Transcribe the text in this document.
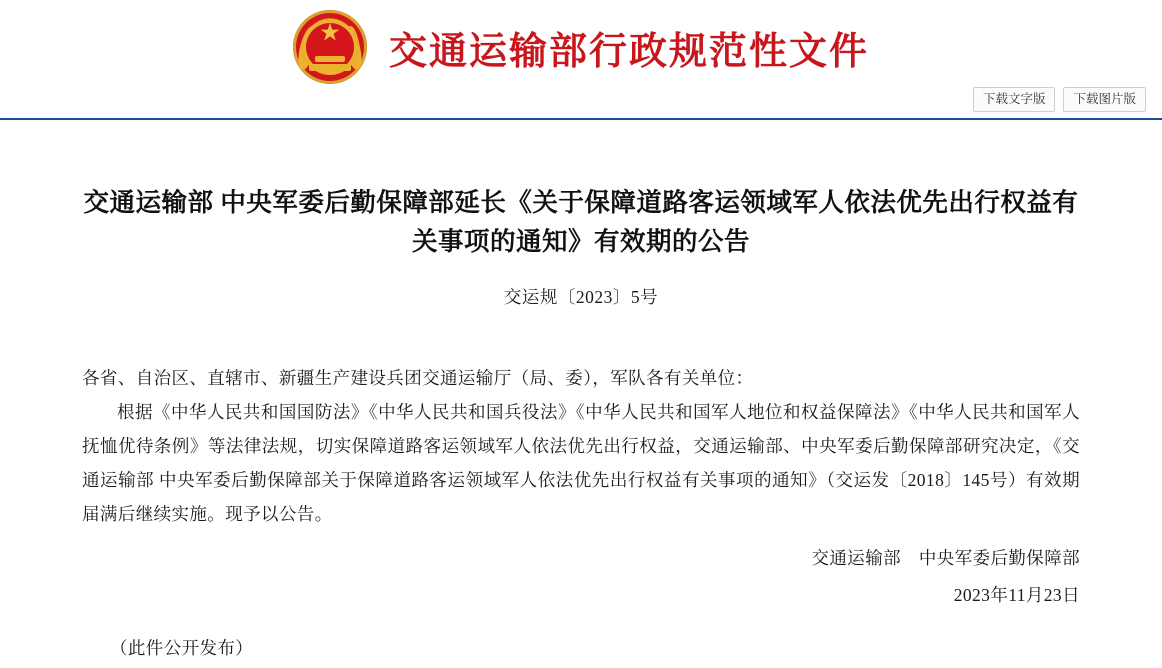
★ 交通运输部行政规范性文件
下载文字版	下载图片版
交通运输部 中央军委后勤保障部延长《关于保障道路客运领域军人依法优先出行权益有关事项的通知》有效期的公告
交运规〔2023〕5号

各省、自治区、直辖市、新疆生产建设兵团交通运输厅（局、委），军队各有关单位：

根据《中华人民共和国国防法》《中华人民共和国兵役法》《中华人民共和国军人地位和权益保障法》《中华人民共和国军人抚恤优待条例》等法律法规，切实保障道路客运领域军人依法优先出行权益，交通运输部、中央军委后勤保障部研究决定，《交通运输部 中央军委后勤保障部关于保障道路客运领域军人依法优先出行权益有关事项的通知》（交运发〔2018〕145号）有效期届满后继续实施。现予以公告。

交通运输部　中央军委后勤保障部
2023年11月23日
（此件公开发布）
